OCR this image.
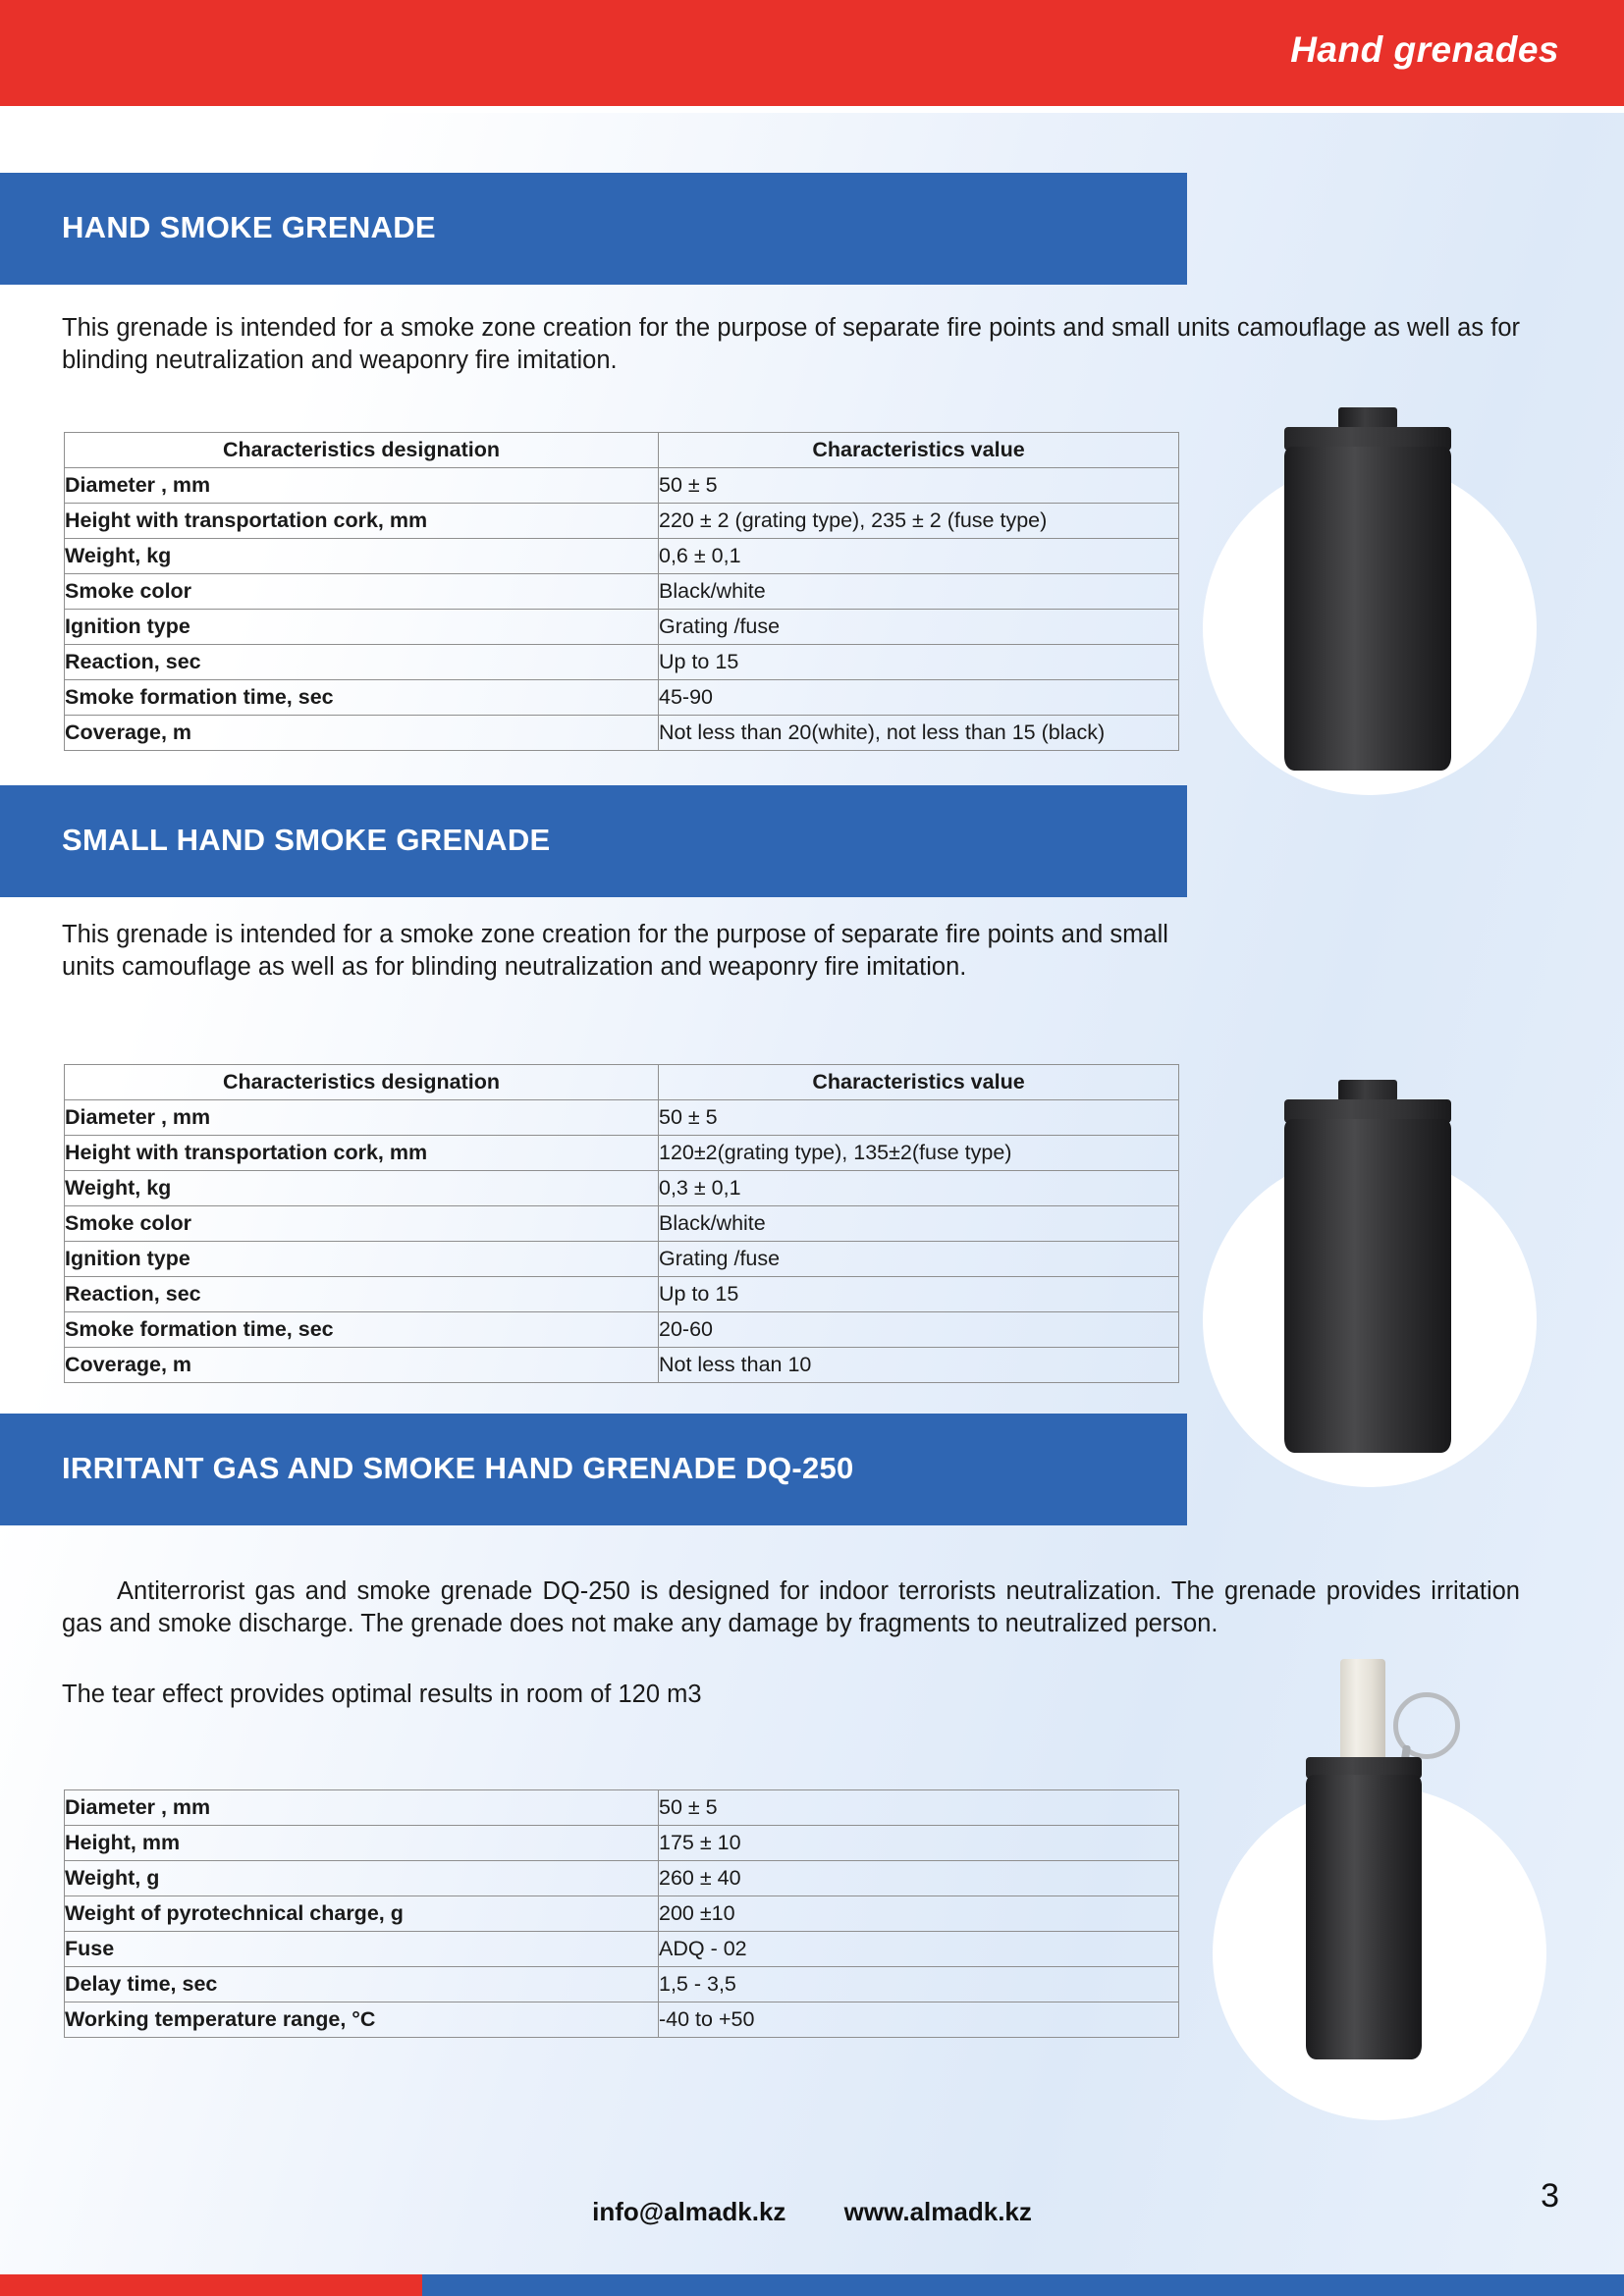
Hand grenades
HAND SMOKE GRENADE
This grenade is intended for a smoke zone creation for the purpose of separate fire points and small units camouflage as well as for blinding neutralization and weaponry fire imitation.
Characteristics designation	Characteristics value
Diameter , mm	50 ± 5
Height with transportation cork, mm	220 ± 2 (grating type), 235 ± 2 (fuse type)
Weight, kg	0,6 ± 0,1
Smoke color	Black/white
Ignition type	Grating /fuse
Reaction, sec	Up to 15
Smoke formation time, sec	45-90
Coverage, m	Not less than 20(white), not less than 15 (black)
SMALL HAND SMOKE GRENADE
This grenade is intended for a smoke zone creation for the purpose of separate fire points and small units camouflage as well as for blinding neutralization and weaponry fire imitation.
Characteristics designation	Characteristics value
Diameter , mm	50 ± 5
Height with transportation cork, mm	120±2(grating type), 135±2(fuse type)
Weight, kg	0,3 ± 0,1
Smoke color	Black/white
Ignition type	Grating /fuse
Reaction, sec	Up to 15
Smoke formation time, sec	20-60
Coverage, m	Not less than 10
IRRITANT GAS AND SMOKE HAND GRENADE DQ-250
Antiterrorist gas and smoke grenade DQ-250 is designed for indoor terrorists neutralization. The grenade provides irritation gas and smoke discharge. The grenade does not make any damage by fragments to neutralized person.
The tear effect provides optimal results in room of 120 m3
Diameter , mm	50 ± 5
Height, mm	175 ± 10
Weight, g	260 ± 40
Weight of pyrotechnical charge, g	200 ±10
Fuse	ADQ - 02
Delay time, sec	1,5 - 3,5
Working temperature range, °C	-40 to +50
info@almadk.kz www.almadk.kz	3
